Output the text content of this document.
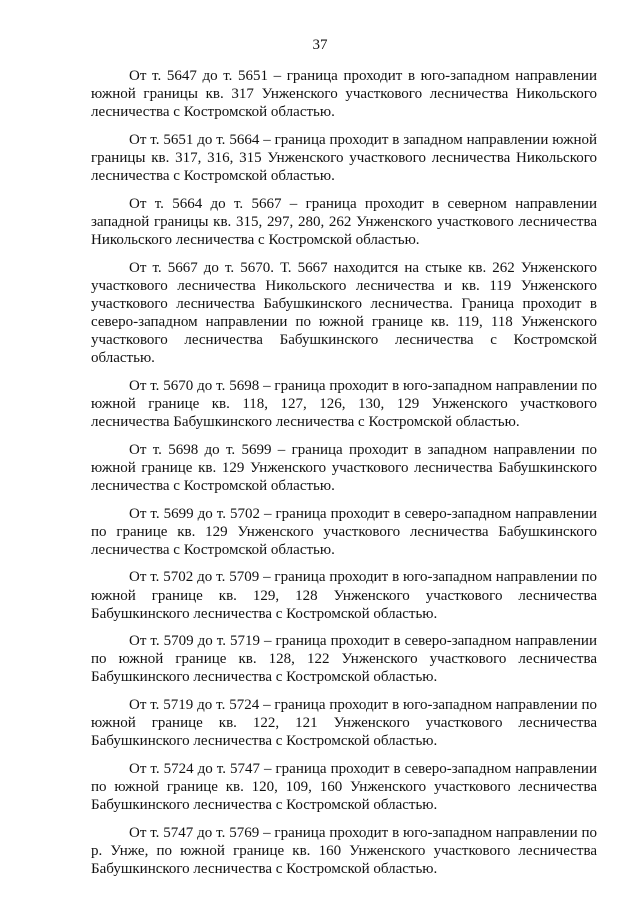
37

От т. 5647 до т. 5651 – граница проходит в юго-западном направлении южной границы кв. 317 Унженского участкового лесничества Никольского лесничества с Костромской областью.

От т. 5651 до т. 5664 – граница проходит в западном направлении южной границы кв. 317, 316, 315 Унженского участкового лесничества Никольского лесничества с Костромской областью.

От т. 5664 до т. 5667 – граница проходит в северном направлении западной границы кв. 315, 297, 280, 262 Унженского участкового лесничества Никольского лесничества с Костромской областью.

От т. 5667 до т. 5670. Т. 5667 находится на стыке кв. 262 Унженского участкового лесничества Никольского лесничества и кв. 119 Унженского участкового лесничества Бабушкинского лесничества. Граница проходит в северо-западном направлении по южной границе кв. 119, 118 Унженского участкового лесничества Бабушкинского лесничества с Костромской областью.

От т. 5670 до т. 5698 – граница проходит в юго-западном направлении по южной границе кв. 118, 127, 126, 130, 129 Унженского участкового лесничества Бабушкинского лесничества с Костромской областью.

От т. 5698 до т. 5699 – граница проходит в западном направлении по южной границе кв. 129 Унженского участкового лесничества Бабушкинского лесничества с Костромской областью.

От т. 5699 до т. 5702 – граница проходит в северо-западном направлении по границе кв. 129 Унженского участкового лесничества Бабушкинского лесничества с Костромской областью.

От т. 5702 до т. 5709 – граница проходит в юго-западном направлении по южной границе кв. 129, 128 Унженского участкового лесничества Бабушкинского лесничества с Костромской областью.

От т. 5709 до т. 5719 – граница проходит в северо-западном направлении по южной границе кв. 128, 122 Унженского участкового лесничества Бабушкинского лесничества с Костромской областью.

От т. 5719 до т. 5724 – граница проходит в юго-западном направлении по южной границе кв. 122, 121 Унженского участкового лесничества Бабушкинского лесничества с Костромской областью.

От т. 5724 до т. 5747 – граница проходит в северо-западном направлении по южной границе кв. 120, 109, 160 Унженского участкового лесничества Бабушкинского лесничества с Костромской областью.

От т. 5747 до т. 5769 – граница проходит в юго-западном направлении по р. Унже, по южной границе кв. 160 Унженского участкового лесничества Бабушкинского лесничества с Костромской областью.
